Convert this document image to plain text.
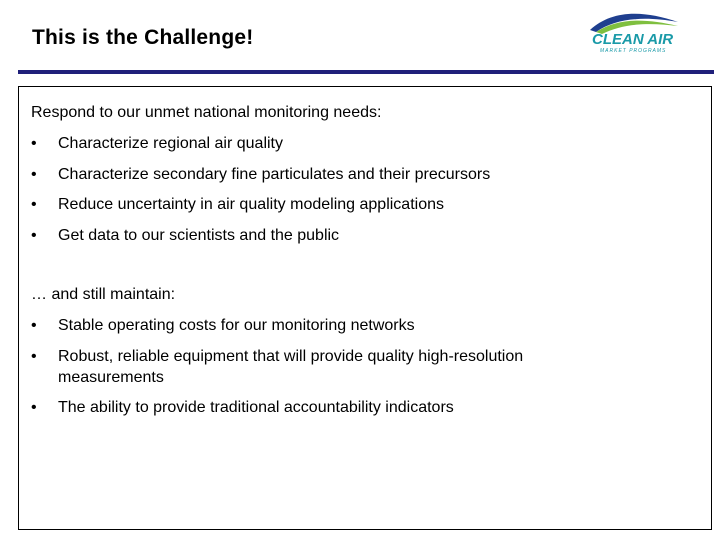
This is the Challenge!	CLEAN AIR
MARKET PROGRAMS
Respond to our unmet national monitoring needs:
• Characterize regional air quality
• Characterize secondary fine particulates and their precursors
• Reduce uncertainty in air quality modeling applications
• Get data to our scientists and the public
… and still maintain:
• Stable operating costs for our monitoring networks
• Robust, reliable equipment that will provide quality high-resolution measurements
• The ability to provide traditional accountability indicators
